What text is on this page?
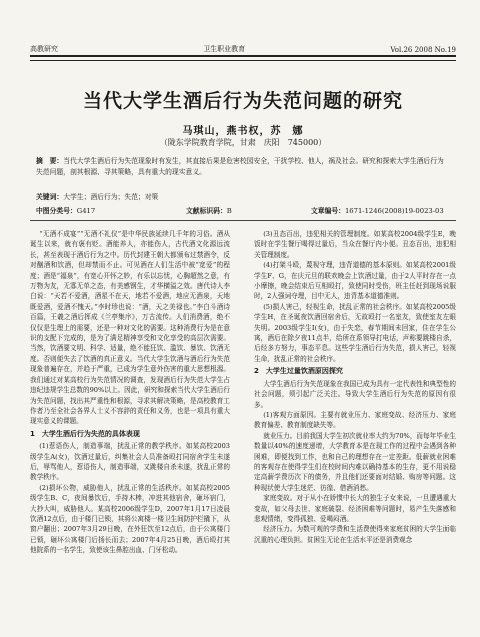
高教研究	卫生职业教育	Vol.26 2008 No.19
当代大学生酒后行为失范问题的研究
马琪山，燕书权，苏　娜
（陇东学院教育学院，甘肃　庆阳　745000）
摘　要：当代大学生酒后行为失范现象时有发生，其直接后果是危害校园安全，干扰学校、他人，祸及社会。研究和探索大学生酒后行为失范问题，剖其根源、寻其策略，具有重大的现实意义。
关键词：大学生；酒后行为；失范；对策
中图分类号：G417	文献标识码：B	文章编号：1671-1246(2008)19-0023-03

“无酒不成宴”“无酒不礼仪”是中华民族延续几千年的习俗。酒从诞生以来，就有褒有贬。酒能养人，亦能伤人，古代酒文化源远流长，甚至表现于酒后行为之中。历代封建王朝大都颁布过禁酒令，反对酗酒和饮酒，但却禁而不止。可见酒在人们生活中被“宽爱”的程度；酒是“福泉”，有宽心开怀之妙，有乐以忘忧，心胸超然之意，有万物为友，无寡无单之态，有美感钢生，才华横溢之效。唐代诗人李白说：“天若不爱酒，酒星不在天，地若不爱酒，地应无酒泉，天地既爱酒，爱酒不愧天。”李时珍也说：“酒，天之美禄也。”李白斗酒诗百篇，王羲之酒后挥成《兰亭集序》，万古流传。人们消费酒，绝不仅仅是生理上的需要，还是一种对文化的需要。这种消费行为是在意识的支配下完成的，是为了满足精神享受和文化享受的高层次需要。当然，饮酒要文明、科学、适量，绝不能狂饮、滥饮、暴饮、饮酒无度。否则便失去了饮酒的真正意义。当代大学生饮酒与酒后行为失范现象普遍存在，并趋于严重，已成为学生意外伤害的重大思想根源。我们通过对某高校行为失范情况的调查，发现酒后行为失范大学生占违纪违规学生总数的90%以上。因此，研究和探索当代大学生酒后行为失范问题，找出其严重性和根源，寻求其解决策略，是高校教育工作者乃至全社会各界人士义不容辞的责任和义务，也是一项具有重大现实意义的课题。

1　大学生酒后行为失范的具体表现

(1)惹语伤人，制造事端，扰乱正常的教学秩序。如某高校2003级学生A(女)，饮酒过量后，纠集社会人员准备殴打同宿舍学生未遂后，辱骂他人，惹语伤人，制造事端，又跳楼自杀未遂，扰乱正常的教学秩序。

(2)损坏公物，威胁他人，扰乱正常的生活秩序。如某高校2005级学生B、C，夜间暴饮后，手持木棒，冲进其他宿舍，砸坏宿门，大抄大叫，威胁他人。某高校2006级学生D，2007年1月17日凌晨饮酒12点后，由于楼门已锁，其将公寓楼一楼卫生间防护栏撬下，从窗户翻出；2007年3月29日晚，在外狂饮至12点后，由于公寓楼门已锁，砸坏公寓楼门后扬长而去；2007年4月25日晚，酒后殴打其他院系的一名学生，致使该生鼻腔出血、门牙松动。

(3)丑态百出，违犯相关的管理制度。如某高校2004级学生E，晚饭时在学生餐厅喝得过量后，当众在餐厅内小便。丑态百出，违犯相关管理制度。

(4)打架斗殴，蔑视守理，违背道德的基本原则。如某高校2001级学生F、G，在庆元旦的联欢晚会上饮酒过量，由于2人平时存在一点小摩擦，晚会结束后互相殴打，致使同时受伤，班主任赶到现场说服时，2人强词夺理，目中无人，违背基本道德准则。

(5)损人害己，轻视生命，扰乱正常的社会秩序。如某高校2005级学生H，在圣诞夜饮酒回宿舍后，无故殴打一名室友，致使室友左眼失明。2003级学生I(女)，由于失恋，春节期间未回家，住在学生公寓，酒后在除夕夜11点半，给所在系领导打电话，声称要跳楼自杀，后经多方努力，事态平息。这些学生酒后行为失范，损人害己，轻视生命，扰乱正常的社会秩序。

2　大学生过量饮酒原因探究

大学生酒后行为失范现象在我国已成为具有一定代表性和典型性的社会问题，须引起广泛关注。导致大学生酒后行为失范的原因有很多。

(1)客观方面原因。主要有就业压力、家庭变故、经济压力、家庭教育偏差、教育制度缺失等。

就业压力。目前我国大学生初次就业率大约为70%，而每年毕业生数量以40%的速度递增，大学教育本是在现工作的过程中会遇到各种困难，即便找到工作，也和自己的理想存在一定差距。低薪就业困难的客观存在使得学生们在校时间内难以确持基本的生存，更不用说稳定高薪学费历次下的债务，并且他们还要面对结婚、购房等问题。这种现状使大学生迷茫、彷徨、借酒消愁。

家庭变故。对于从小在娇惯中长大的独生子女来说，一旦遭遇重大变故，如父母去世、家庭破裂、经济困难等问题时，易产生失落感和悲观情绪，变得孤独、爱喝闷酒。

经济压力。为数可观的学费和生活费使得来家庭贫困的大学生面临沉重的心理负担。贫困生无论在生活水平还是消费观念
